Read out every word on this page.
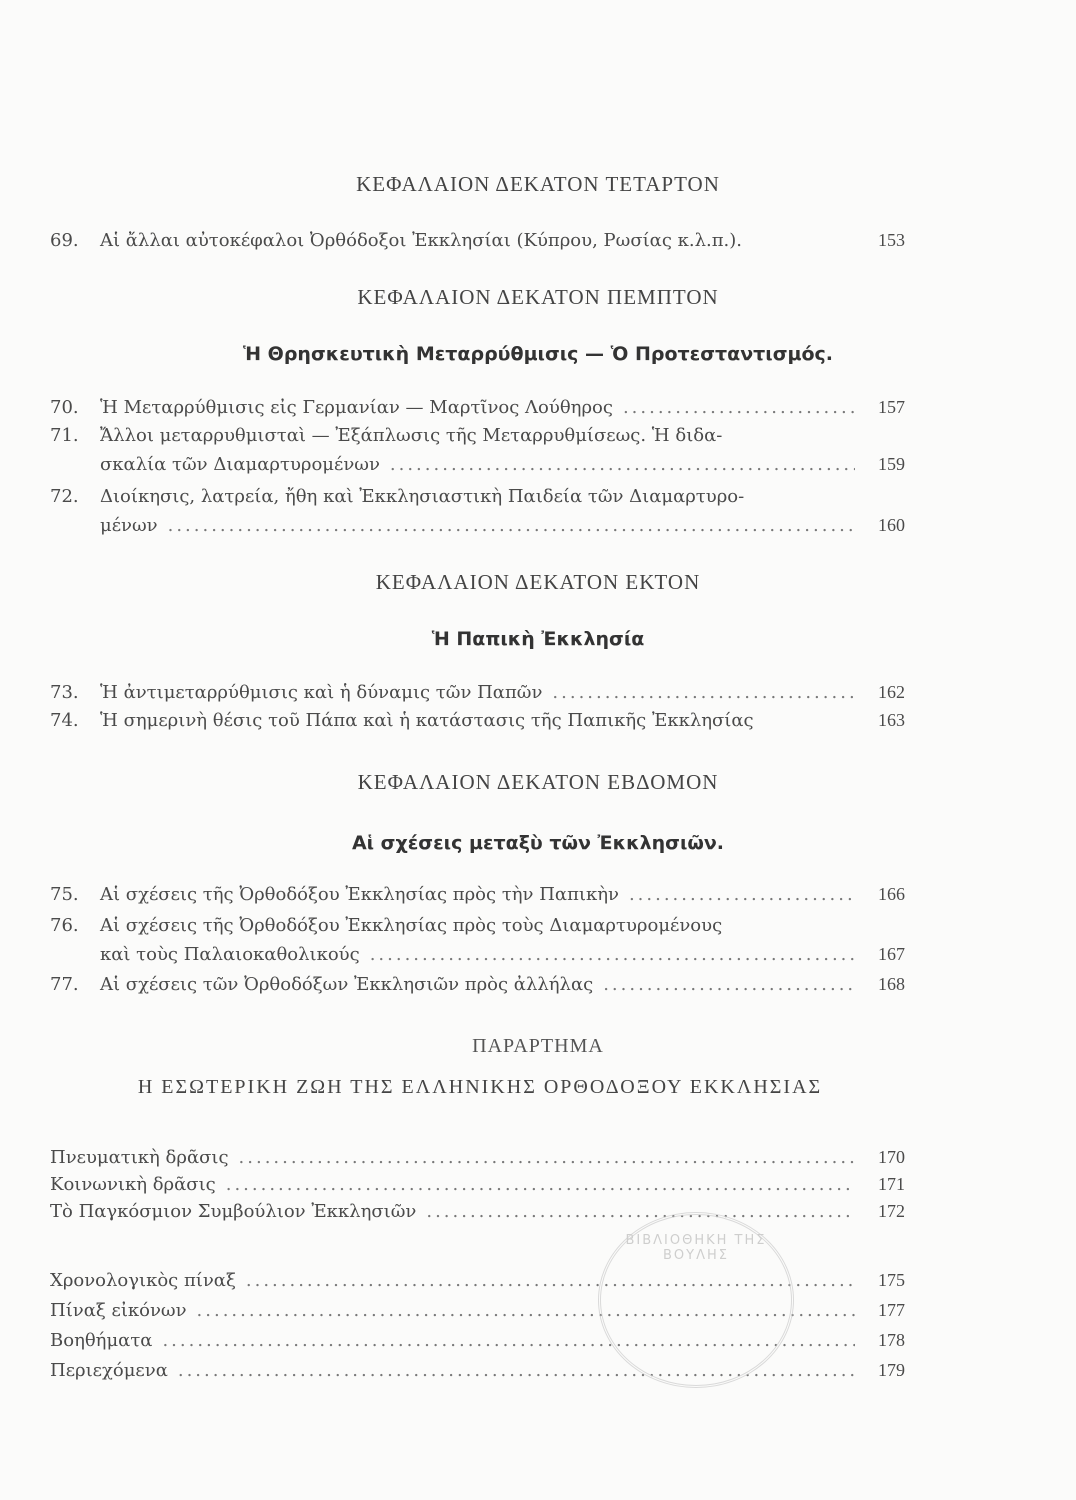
ΚΕΦΑΛΑΙΟΝ ΔΕΚΑΤΟΝ ΤΕΤΑΡΤΟΝ
69.	Αἱ ἄλλαι αὐτοκέφαλοι Ὀρθόδοξοι Ἐκκλησίαι (Κύπρου, Ρωσίας κ.λ.π.).	153
ΚΕΦΑΛΑΙΟΝ ΔΕΚΑΤΟΝ ΠΕΜΠΤΟΝ
Ἡ Θρησκευτικὴ Μεταρρύθμισις — Ὁ Προτεσταντισμός.
70.	Ἡ Μεταρρύθμισις εἰς Γερμανίαν — Μαρτῖνος Λούθηρος .....	157
71.	Ἄλλοι μεταρρυθμισταὶ — Ἐξάπλωσις τῆς Μεταρρυθμίσεως. Ἡ διδα-
σκαλία τῶν Διαμαρτυρομένων .....	159
72.	Διοίκησις, λατρεία, ἤθη καὶ Ἐκκλησιαστικὴ Παιδεία τῶν Διαμαρτυρο-
μένων .....	160
ΚΕΦΑΛΑΙΟΝ ΔΕΚΑΤΟΝ ΕΚΤΟΝ
Ἡ Παπικὴ Ἐκκλησία
73.	Ἡ ἀντιμεταρρύθμισις καὶ ἡ δύναμις τῶν Παπῶν .....	162
74.	Ἡ σημερινὴ θέσις τοῦ Πάπα καὶ ἡ κατάστασις τῆς Παπικῆς Ἐκκλησίας	163
ΚΕΦΑΛΑΙΟΝ ΔΕΚΑΤΟΝ ΕΒΔΟΜΟΝ
Αἱ σχέσεις μεταξὺ τῶν Ἐκκλησιῶν.
75.	Αἱ σχέσεις τῆς Ὀρθοδόξου Ἐκκλησίας πρὸς τὴν Παπικὴν .....	166
76.	Αἱ σχέσεις τῆς Ὀρθοδόξου Ἐκκλησίας πρὸς τοὺς Διαμαρτυρομένους
καὶ τοὺς Παλαιοκαθολικούς .....	167
77.	Αἱ σχέσεις τῶν Ὀρθοδόξων Ἐκκλησιῶν πρὸς ἀλλήλας .....	168
ΠΑΡΑΡΤΗΜΑ
Η ΕΣΩΤΕΡΙΚΗ ΖΩΗ ΤΗΣ ΕΛΛΗΝΙΚΗΣ ΟΡΘΟΔΟΞΟΥ ΕΚΚΛΗΣΙΑΣ
Πνευματικὴ δρᾶσις .....	170
Κοινωνικὴ δρᾶσις .....	171
Τὸ Παγκόσμιον Συμβούλιον Ἐκκλησιῶν .....	172
Χρονολογικὸς πίναξ .....	175
Πίναξ εἰκόνων .....	177
Βοηθήματα .....	178
Περιεχόμενα .....	179
ΒΙΒΛΙΟΘΗΚΗ ΤΗΣ ΒΟΥΛΗΣ
